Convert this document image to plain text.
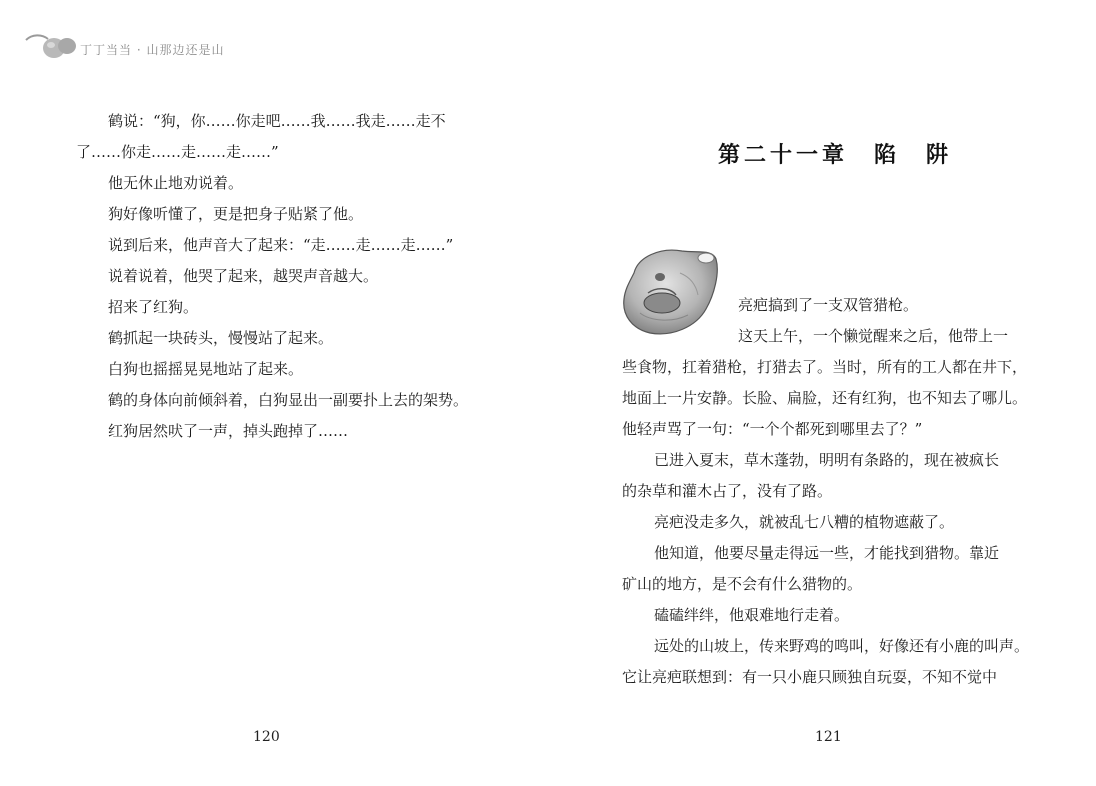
丁丁当当 · 山那边还是山
鹤说：“狗，你……你走吧……我……我走……走不
了……你走……走……走……”
他无休止地劝说着。
狗好像听懂了，更是把身子贴紧了他。
说到后来，他声音大了起来：“走……走……走……”
说着说着，他哭了起来，越哭声音越大。
招来了红狗。
鹤抓起一块砖头，慢慢站了起来。
白狗也摇摇晃晃地站了起来。
鹤的身体向前倾斜着，白狗显出一副要扑上去的架势。
红狗居然吠了一声，掉头跑掉了……
120
第二十一章　陷　阱
亮疤搞到了一支双管猎枪。
这天上午，一个懒觉醒来之后，他带上一
些食物，扛着猎枪，打猎去了。当时，所有的工人都在井下，
地面上一片安静。长脸、扁脸，还有红狗，也不知去了哪儿。
他轻声骂了一句：“一个个都死到哪里去了？”
已进入夏末，草木蓬勃，明明有条路的，现在被疯长
的杂草和灌木占了，没有了路。
亮疤没走多久，就被乱七八糟的植物遮蔽了。
他知道，他要尽量走得远一些，才能找到猎物。靠近
矿山的地方，是不会有什么猎物的。
磕磕绊绊，他艰难地行走着。
远处的山坡上，传来野鸡的鸣叫，好像还有小鹿的叫声。
它让亮疤联想到：有一只小鹿只顾独自玩耍，不知不觉中
121
